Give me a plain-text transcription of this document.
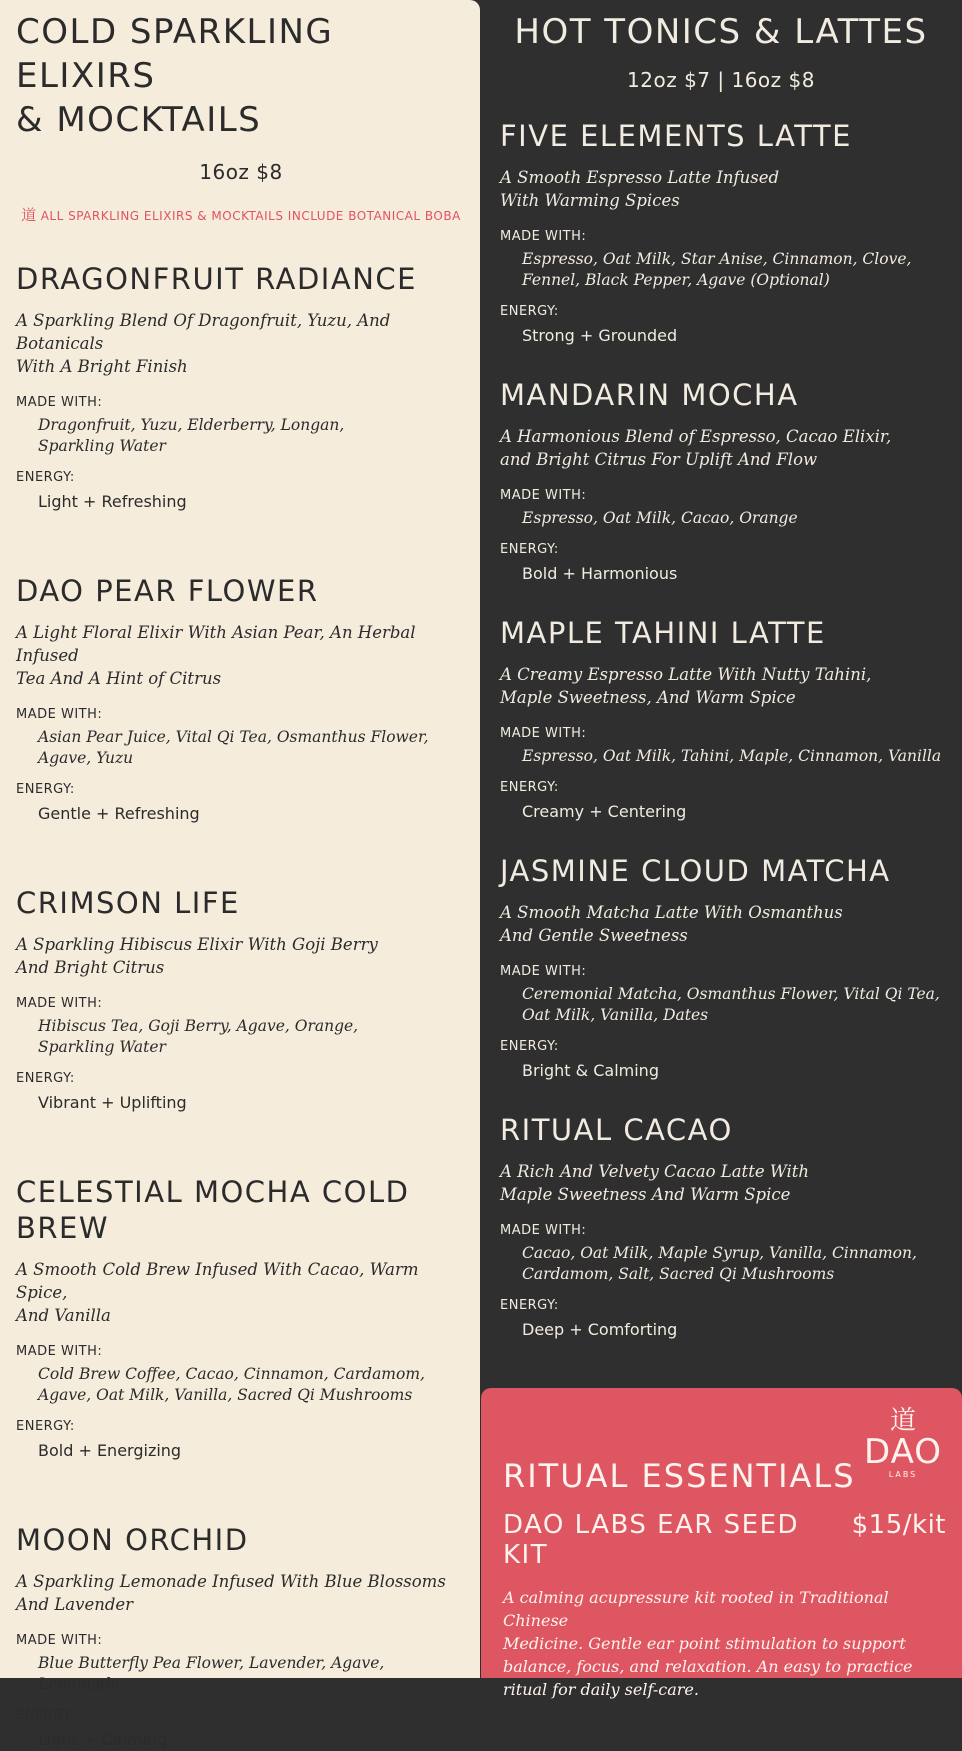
COLD SPARKLING ELIXIRS
& MOCKTAILS
16oz $8
道 ALL SPARKLING ELIXIRS & MOCKTAILS INCLUDE BOTANICAL BOBA
DRAGONFRUIT RADIANCE
A Sparkling Blend Of Dragonfruit, Yuzu, And Botanicals
With A Bright Finish
MADE WITH:
Dragonfruit, Yuzu, Elderberry, Longan,
Sparkling Water
ENERGY:
Light + Refreshing
DAO PEAR FLOWER
A Light Floral Elixir With Asian Pear, An Herbal Infused
Tea And A Hint of Citrus
MADE WITH:
Asian Pear Juice, Vital Qi Tea, Osmanthus Flower,
Agave, Yuzu
ENERGY:
Gentle + Refreshing
CRIMSON LIFE
A Sparkling Hibiscus Elixir With Goji Berry
And Bright Citrus
MADE WITH:
Hibiscus Tea, Goji Berry, Agave, Orange,
Sparkling Water
ENERGY:
Vibrant + Uplifting
CELESTIAL MOCHA COLD BREW
A Smooth Cold Brew Infused With Cacao, Warm Spice,
And Vanilla
MADE WITH:
Cold Brew Coffee, Cacao, Cinnamon, Cardamom,
Agave, Oat Milk, Vanilla, Sacred Qi Mushrooms
ENERGY:
Bold + Energizing
MOON ORCHID
A Sparkling Lemonade Infused With Blue Blossoms
And Lavender
MADE WITH:
Blue Butterfly Pea Flower, Lavender, Agave,
Lemonade
ENERGY:
Light + Calming
HOT TONICS & LATTES
12oz $7 | 16oz $8
FIVE ELEMENTS LATTE
A Smooth Espresso Latte Infused
With Warming Spices
MADE WITH:
Espresso, Oat Milk, Star Anise, Cinnamon, Clove,
Fennel, Black Pepper, Agave (Optional)
ENERGY:
Strong + Grounded
MANDARIN MOCHA
A Harmonious Blend of Espresso, Cacao Elixir,
and Bright Citrus For Uplift And Flow
MADE WITH:
Espresso, Oat Milk, Cacao, Orange
ENERGY:
Bold + Harmonious
MAPLE TAHINI LATTE
A Creamy Espresso Latte With Nutty Tahini,
Maple Sweetness, And Warm Spice
MADE WITH:
Espresso, Oat Milk, Tahini, Maple, Cinnamon, Vanilla
ENERGY:
Creamy + Centering
JASMINE CLOUD MATCHA
A Smooth Matcha Latte With Osmanthus
And Gentle Sweetness
MADE WITH:
Ceremonial Matcha, Osmanthus Flower, Vital Qi Tea,
Oat Milk, Vanilla, Dates
ENERGY:
Bright & Calming
RITUAL CACAO
A Rich And Velvety Cacao Latte With
Maple Sweetness And Warm Spice
MADE WITH:
Cacao, Oat Milk, Maple Syrup, Vanilla, Cinnamon,
Cardamom, Salt, Sacred Qi Mushrooms
ENERGY:
Deep + Comforting
RITUAL ESSENTIALS
道
DAO
LABS
DAO LABS EAR SEED KIT
$15/kit
A calming acupressure kit rooted in Traditional Chinese
Medicine. Gentle ear point stimulation to support
balance, focus, and relaxation. An easy to practice
ritual for daily self-care.
